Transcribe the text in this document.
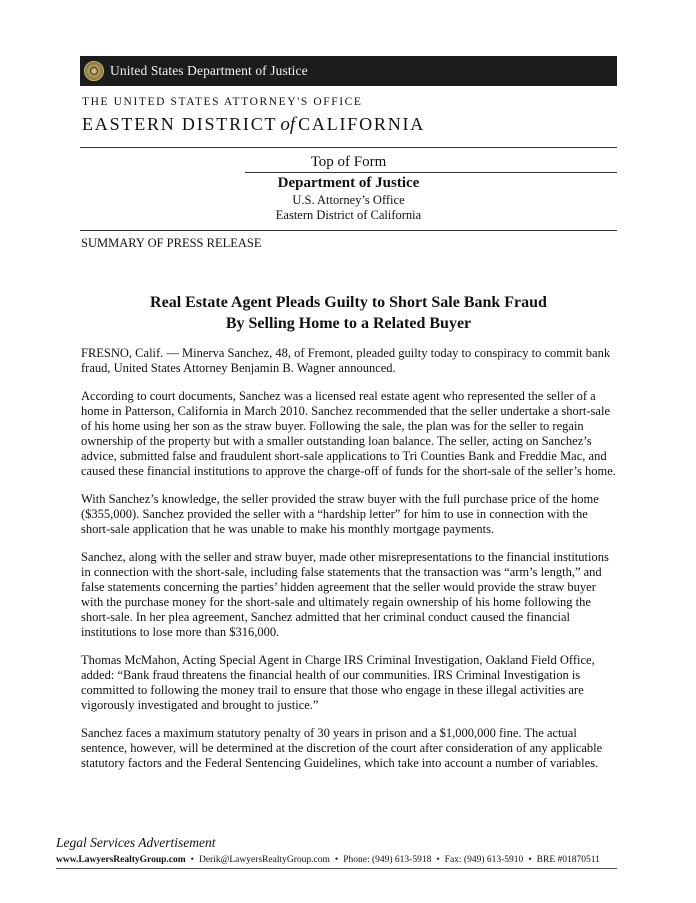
United States Department of Justice
THE UNITED STATES ATTORNEY'S OFFICE
EASTERN DISTRICT of CALIFORNIA
Top of Form
Department of Justice
U.S. Attorney’s Office
Eastern District of California
SUMMARY OF PRESS RELEASE
Real Estate Agent Pleads Guilty to Short Sale Bank Fraud
By Selling Home to a Related Buyer

FRESNO, Calif. — Minerva Sanchez, 48, of Fremont, pleaded guilty today to conspiracy to commit bank fraud, United States Attorney Benjamin B. Wagner announced.

According to court documents, Sanchez was a licensed real estate agent who represented the seller of a home in Patterson, California in March 2010. Sanchez recommended that the seller undertake a short-sale of his home using her son as the straw buyer. Following the sale, the plan was for the seller to regain ownership of the property but with a smaller outstanding loan balance. The seller, acting on Sanchez’s advice, submitted false and fraudulent short-sale applications to Tri Counties Bank and Freddie Mac, and caused these financial institutions to approve the charge-off of funds for the short-sale of the seller’s home.

With Sanchez’s knowledge, the seller provided the straw buyer with the full purchase price of the home ($355,000). Sanchez provided the seller with a “hardship letter” for him to use in connection with the short-sale application that he was unable to make his monthly mortgage payments.

Sanchez, along with the seller and straw buyer, made other misrepresentations to the financial institutions in connection with the short-sale, including false statements that the transaction was “arm’s length,” and false statements concerning the parties’ hidden agreement that the seller would provide the straw buyer with the purchase money for the short-sale and ultimately regain ownership of his home following the short-sale. In her plea agreement, Sanchez admitted that her criminal conduct caused the financial institutions to lose more than $316,000.

Thomas McMahon, Acting Special Agent in Charge IRS Criminal Investigation, Oakland Field Office, added: “Bank fraud threatens the financial health of our communities. IRS Criminal Investigation is committed to following the money trail to ensure that those who engage in these illegal activities are vigorously investigated and brought to justice.”

Sanchez faces a maximum statutory penalty of 30 years in prison and a $1,000,000 fine. The actual sentence, however, will be determined at the discretion of the court after consideration of any applicable statutory factors and the Federal Sentencing Guidelines, which take into account a number of variables.

Legal Services Advertisement
www.LawyersRealtyGroup.com • Derik@LawyersRealtyGroup.com • Phone: (949) 613-5918 • Fax: (949) 613-5910 • BRE #01870511
